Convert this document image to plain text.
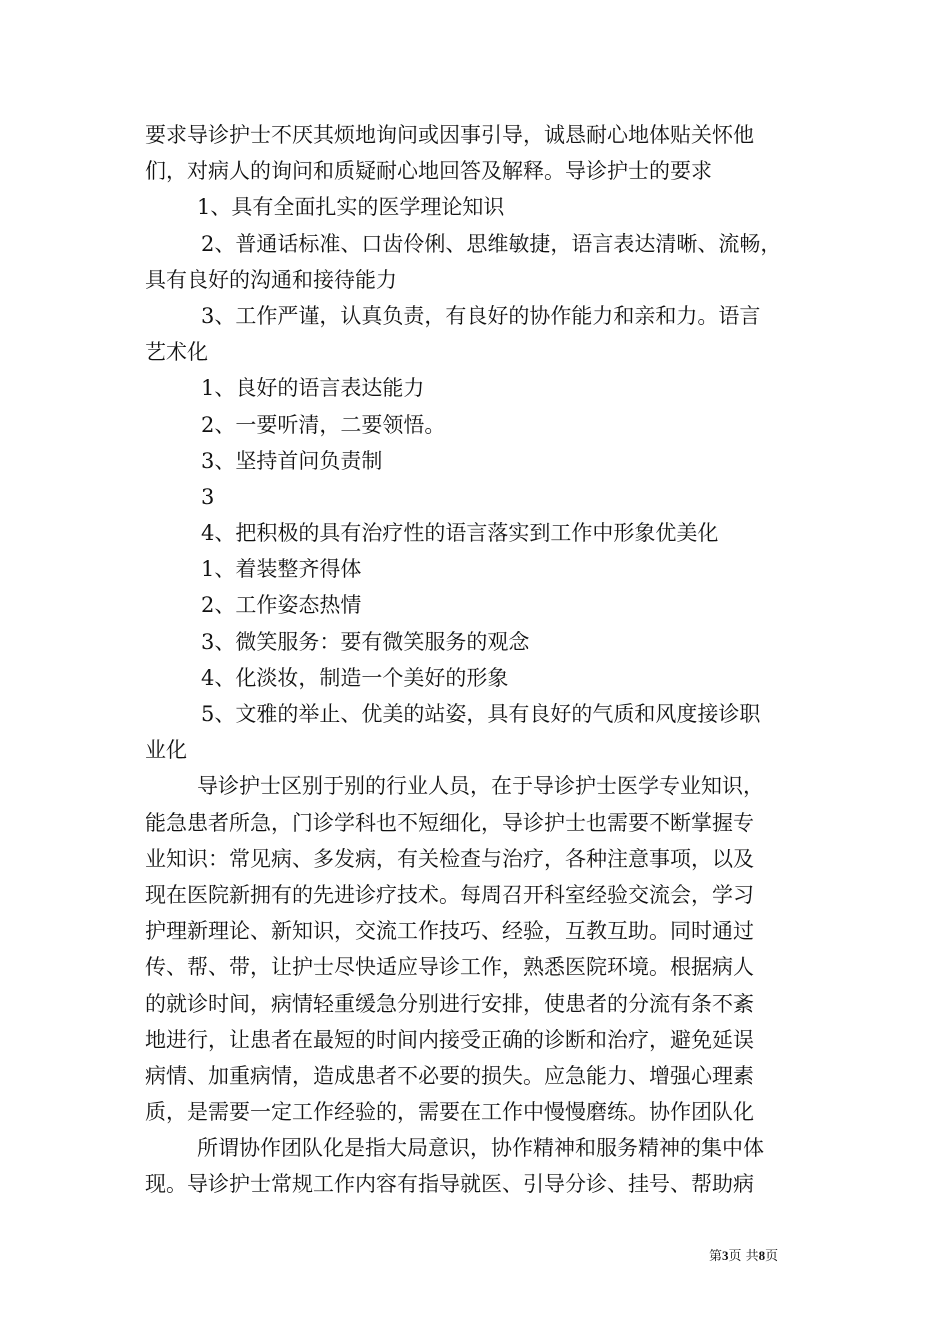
要求导诊护士不厌其烦地询问或因事引导，诚恳耐心地体贴关怀他
们，对病人的询问和质疑耐心地回答及解释。导诊护士的要求
1、具有全面扎实的医学理论知识
2、普通话标准、口齿伶俐、思维敏捷，语言表达清晰、流畅，
具有良好的沟通和接待能力
3、工作严谨，认真负责，有良好的协作能力和亲和力。语言
艺术化
1、良好的语言表达能力
2、一要听清，二要领悟。
3、坚持首问负责制
3
4、把积极的具有治疗性的语言落实到工作中形象优美化
1、着装整齐得体
2、工作姿态热情
3、微笑服务：要有微笑服务的观念
4、化淡妆，制造一个美好的形象
5、文雅的举止、优美的站姿，具有良好的气质和风度接诊职
业化
导诊护士区别于别的行业人员，在于导诊护士医学专业知识，
能急患者所急，门诊学科也不短细化，导诊护士也需要不断掌握专
业知识：常见病、多发病，有关检查与治疗，各种注意事项，以及
现在医院新拥有的先进诊疗技术。每周召开科室经验交流会，学习
护理新理论、新知识，交流工作技巧、经验，互教互助。同时通过
传、帮、带，让护士尽快适应导诊工作，熟悉医院环境。根据病人
的就诊时间，病情轻重缓急分别进行安排，使患者的分流有条不紊
地进行，让患者在最短的时间内接受正确的诊断和治疗，避免延误
病情、加重病情，造成患者不必要的损失。应急能力、增强心理素
质，是需要一定工作经验的，需要在工作中慢慢磨练。协作团队化
所谓协作团队化是指大局意识，协作精神和服务精神的集中体
现。导诊护士常规工作内容有指导就医、引导分诊、挂号、帮助病
第3页 共8页
